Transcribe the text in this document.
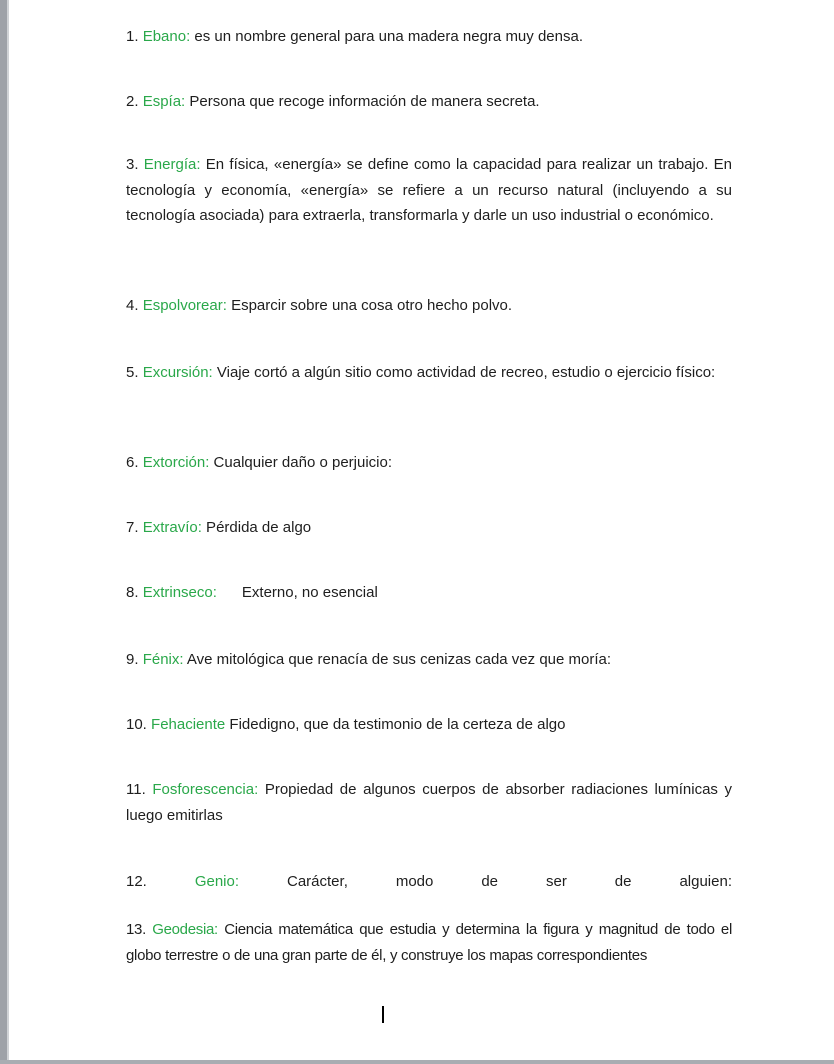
1. Ebano: es un nombre general para una madera negra muy densa.

2. Espía: Persona que recoge información de manera secreta.

3. Energía: En física, «energía» se define como la capacidad para realizar un trabajo. En tecnología y economía, «energía» se refiere a un recurso natural (incluyendo a su tecnología asociada) para extraerla, transformarla y darle un uso industrial o económico.

4. Espolvorear: Esparcir sobre una cosa otro hecho polvo.

5. Excursión: Viaje cortó a algún sitio como actividad de recreo, estudio o ejercicio físico:

6. Extorción: Cualquier daño o perjuicio:

7. Extravío: Pérdida de algo

8. Extrinseco:      Externo, no esencial

9. Fénix: Ave mitológica que renacía de sus cenizas cada vez que moría:

10. Fehaciente Fidedigno, que da testimonio de la certeza de algo

11. Fosforescencia: Propiedad de algunos cuerpos de absorber radiaciones lumínicas y luego emitirlas

12. Genio: Carácter, modo de ser de alguien:

13. Geodesia: Ciencia matemática que estudia y determina la figura y magnitud de todo el globo terrestre o de una gran parte de él, y construye los mapas correspondientes
